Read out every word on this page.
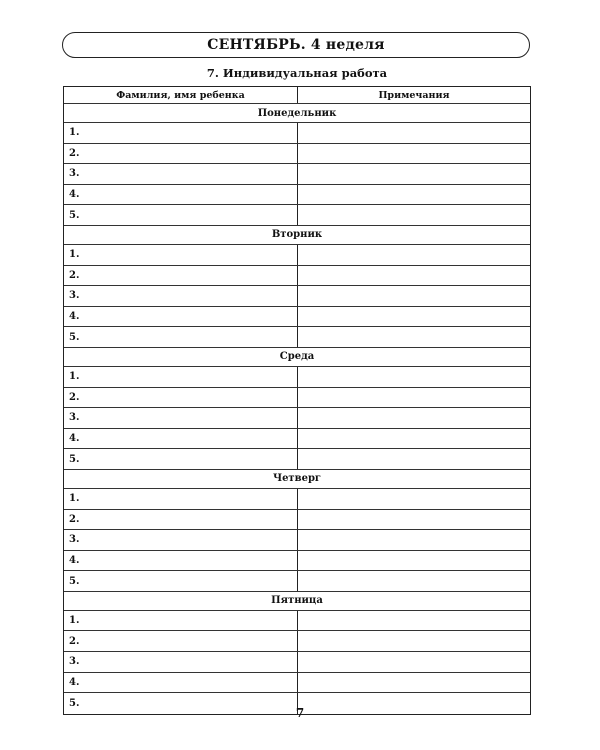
СЕНТЯБРЬ. 4 неделя
7. Индивидуальная работа
Фамилия, имя ребенка	Примечания
Понедельник
1.
2.
3.
4.
5.
Вторник
1.
2.
3.
4.
5.
Среда
1.
2.
3.
4.
5.
Четверг
1.
2.
3.
4.
5.
Пятница
1.
2.
3.
4.
5.
7
